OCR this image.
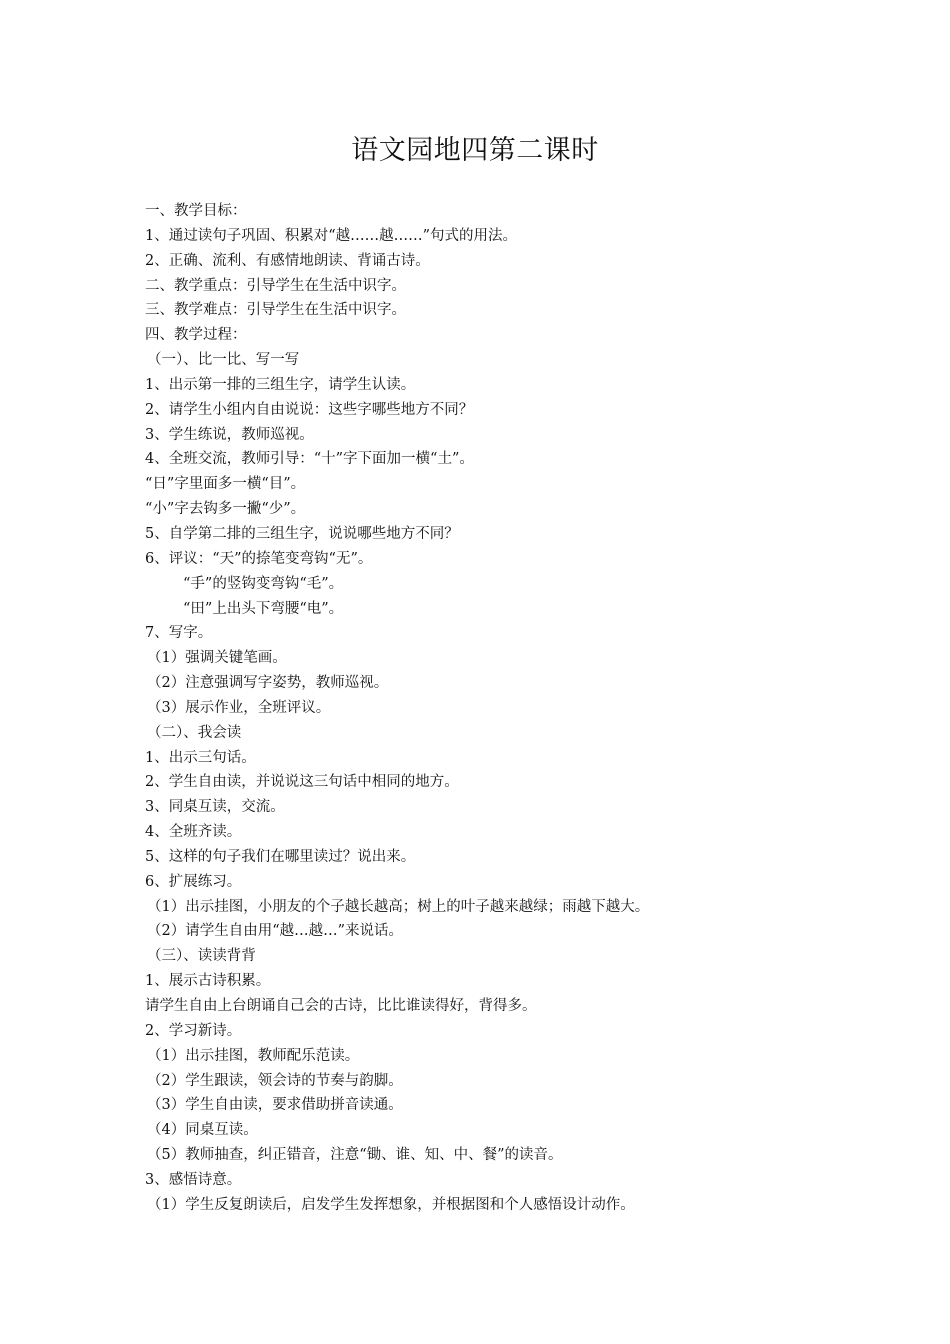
语文园地四第二课时
一、教学目标：
1、通过读句子巩固、积累对“越……越……”句式的用法。
2、正确、流利、有感情地朗读、背诵古诗。
二、教学重点：引导学生在生活中识字。
三、教学难点：引导学生在生活中识字。
四、教学过程：
（一）、比一比、写一写
1、出示第一排的三组生字，请学生认读。
2、请学生小组内自由说说：这些字哪些地方不同？
3、学生练说，教师巡视。
4、全班交流，教师引导：“十”字下面加一横“土”。
“日”字里面多一横“目”。
“小”字去钩多一撇“少”。
5、自学第二排的三组生字，说说哪些地方不同？
6、评议：“天”的捺笔变弯钩“无”。
“手”的竖钩变弯钩“毛”。
“田”上出头下弯腰“电”。
7、写字。
（1）强调关键笔画。
（2）注意强调写字姿势，教师巡视。
（3）展示作业，全班评议。
（二）、我会读
1、出示三句话。
2、学生自由读，并说说这三句话中相同的地方。
3、同桌互读，交流。
4、全班齐读。
5、这样的句子我们在哪里读过？说出来。
6、扩展练习。
（1）出示挂图，小朋友的个子越长越高；树上的叶子越来越绿；雨越下越大。
（2）请学生自由用“越…越…”来说话。
（三）、读读背背
1、展示古诗积累。
请学生自由上台朗诵自己会的古诗，比比谁读得好，背得多。
2、学习新诗。
（1）出示挂图，教师配乐范读。
（2）学生跟读，领会诗的节奏与韵脚。
（3）学生自由读，要求借助拼音读通。
（4）同桌互读。
（5）教师抽查，纠正错音，注意“锄、谁、知、中、餐”的读音。
3、感悟诗意。
（1）学生反复朗读后，启发学生发挥想象，并根据图和个人感悟设计动作。
